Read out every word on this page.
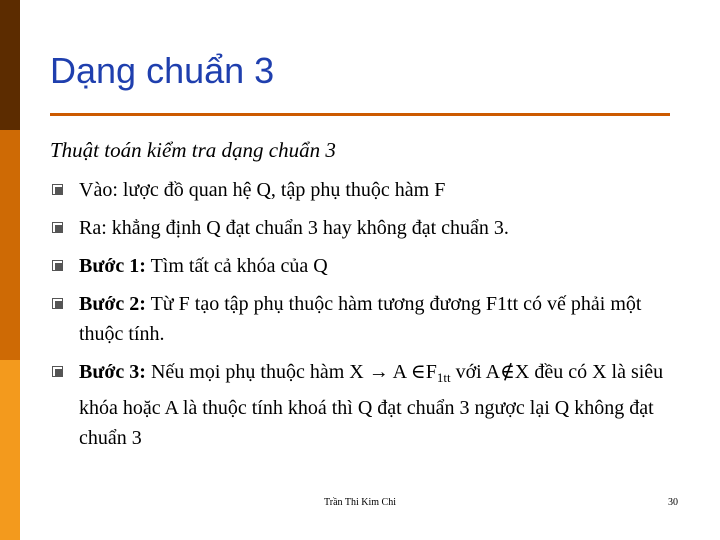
Dạng chuẩn 3
Thuật toán kiểm tra dạng chuẩn 3
Vào: lược đồ quan hệ Q, tập phụ thuộc hàm F
Ra: khẳng định Q đạt chuẩn 3 hay không đạt chuẩn 3.
Bước 1: Tìm tất cả khóa của Q
Bước 2: Từ F tạo tập phụ thuộc hàm tương đương F1tt có vế phải một thuộc tính.
Bước 3: Nếu mọi phụ thuộc hàm X → A $\in F_{1tt}$ với A∉X đều có X là siêu khóa hoặc A là thuộc tính khoá thì Q đạt chuẩn 3 ngược lại Q không đạt chuẩn 3
Trần Thi Kim Chi	30
